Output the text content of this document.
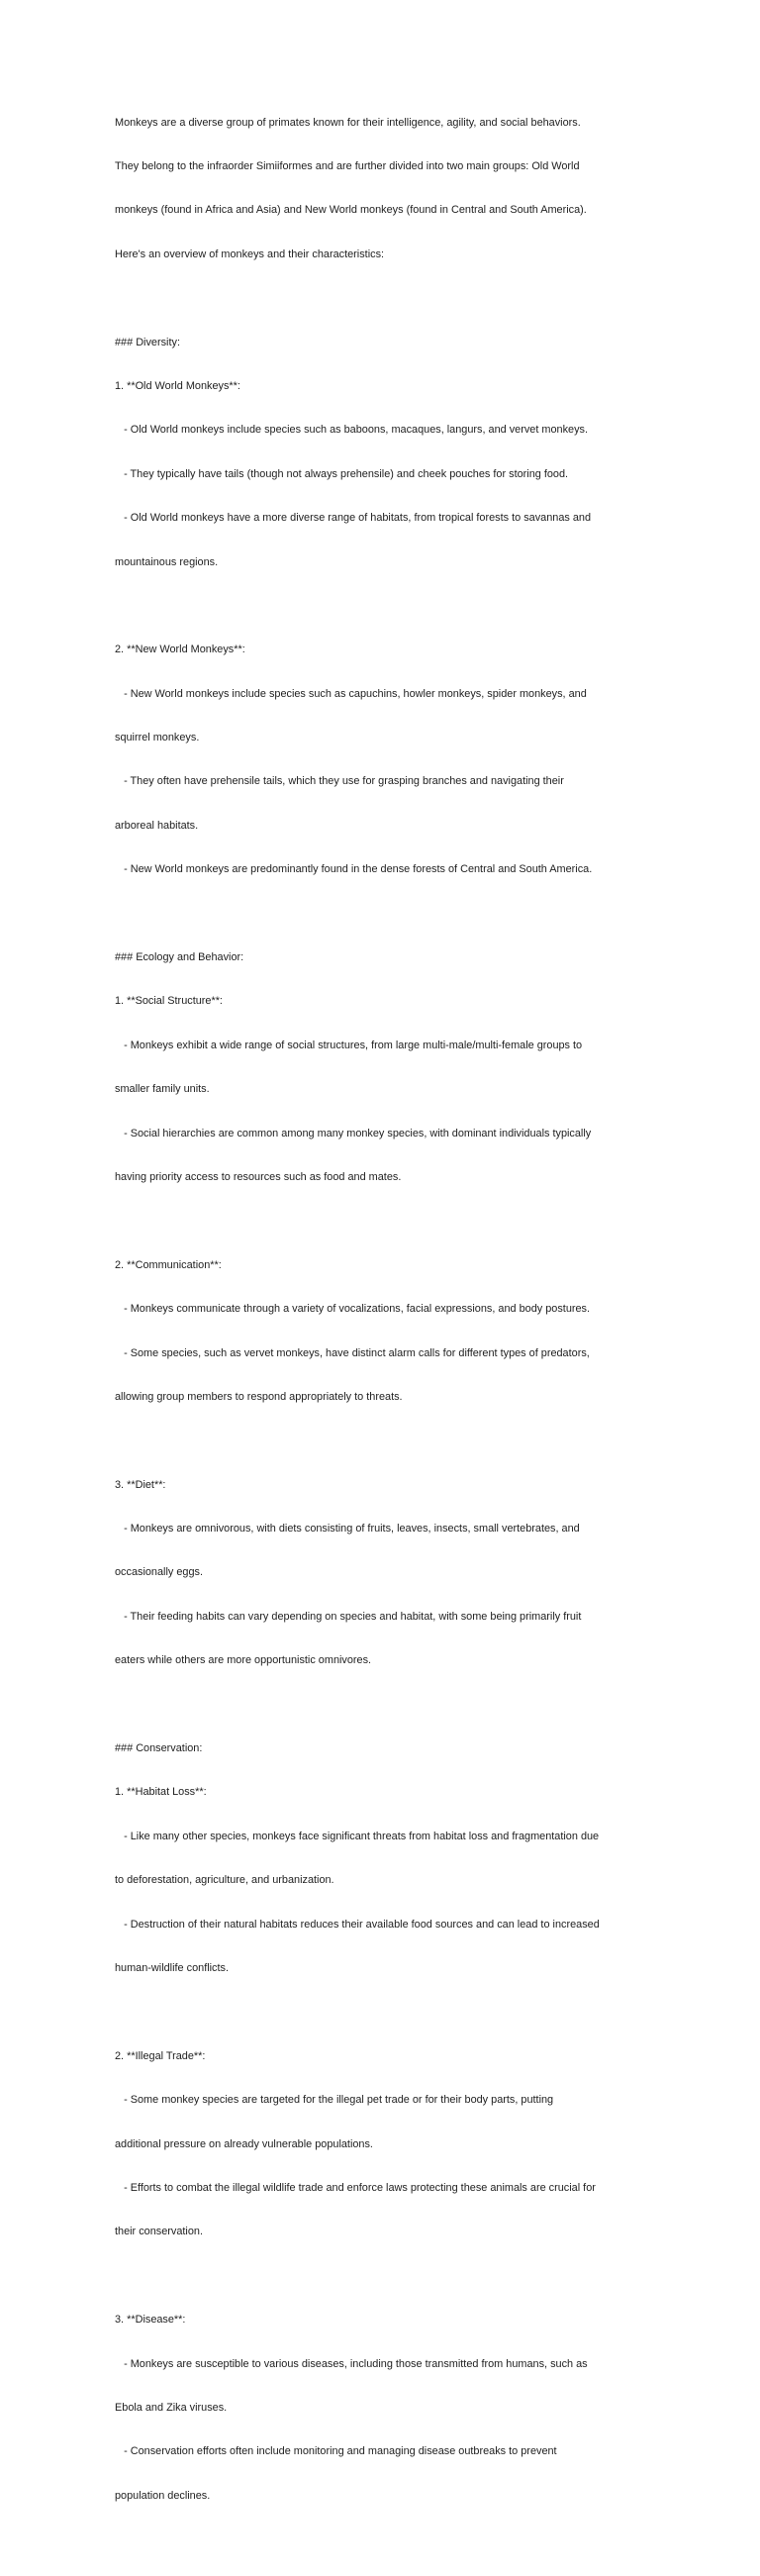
Monkeys are a diverse group of primates known for their intelligence, agility, and social behaviors.

They belong to the infraorder Simiiformes and are further divided into two main groups: Old World

monkeys (found in Africa and Asia) and New World monkeys (found in Central and South America).

Here's an overview of monkeys and their characteristics:

### Diversity:

1. **Old World Monkeys**:

- Old World monkeys include species such as baboons, macaques, langurs, and vervet monkeys.

- They typically have tails (though not always prehensile) and cheek pouches for storing food.

- Old World monkeys have a more diverse range of habitats, from tropical forests to savannas and

mountainous regions.

2. **New World Monkeys**:

- New World monkeys include species such as capuchins, howler monkeys, spider monkeys, and

squirrel monkeys.

- They often have prehensile tails, which they use for grasping branches and navigating their

arboreal habitats.

- New World monkeys are predominantly found in the dense forests of Central and South America.

### Ecology and Behavior:

1. **Social Structure**:

- Monkeys exhibit a wide range of social structures, from large multi-male/multi-female groups to

smaller family units.

- Social hierarchies are common among many monkey species, with dominant individuals typically

having priority access to resources such as food and mates.

2. **Communication**:

- Monkeys communicate through a variety of vocalizations, facial expressions, and body postures.

- Some species, such as vervet monkeys, have distinct alarm calls for different types of predators,

allowing group members to respond appropriately to threats.

3. **Diet**:

- Monkeys are omnivorous, with diets consisting of fruits, leaves, insects, small vertebrates, and

occasionally eggs.

- Their feeding habits can vary depending on species and habitat, with some being primarily fruit

eaters while others are more opportunistic omnivores.

### Conservation:

1. **Habitat Loss**:

- Like many other species, monkeys face significant threats from habitat loss and fragmentation due

to deforestation, agriculture, and urbanization.

- Destruction of their natural habitats reduces their available food sources and can lead to increased

human-wildlife conflicts.

2. **Illegal Trade**:

- Some monkey species are targeted for the illegal pet trade or for their body parts, putting

additional pressure on already vulnerable populations.

- Efforts to combat the illegal wildlife trade and enforce laws protecting these animals are crucial for

their conservation.

3. **Disease**:

- Monkeys are susceptible to various diseases, including those transmitted from humans, such as

Ebola and Zika viruses.

- Conservation efforts often include monitoring and managing disease outbreaks to prevent

population declines.
